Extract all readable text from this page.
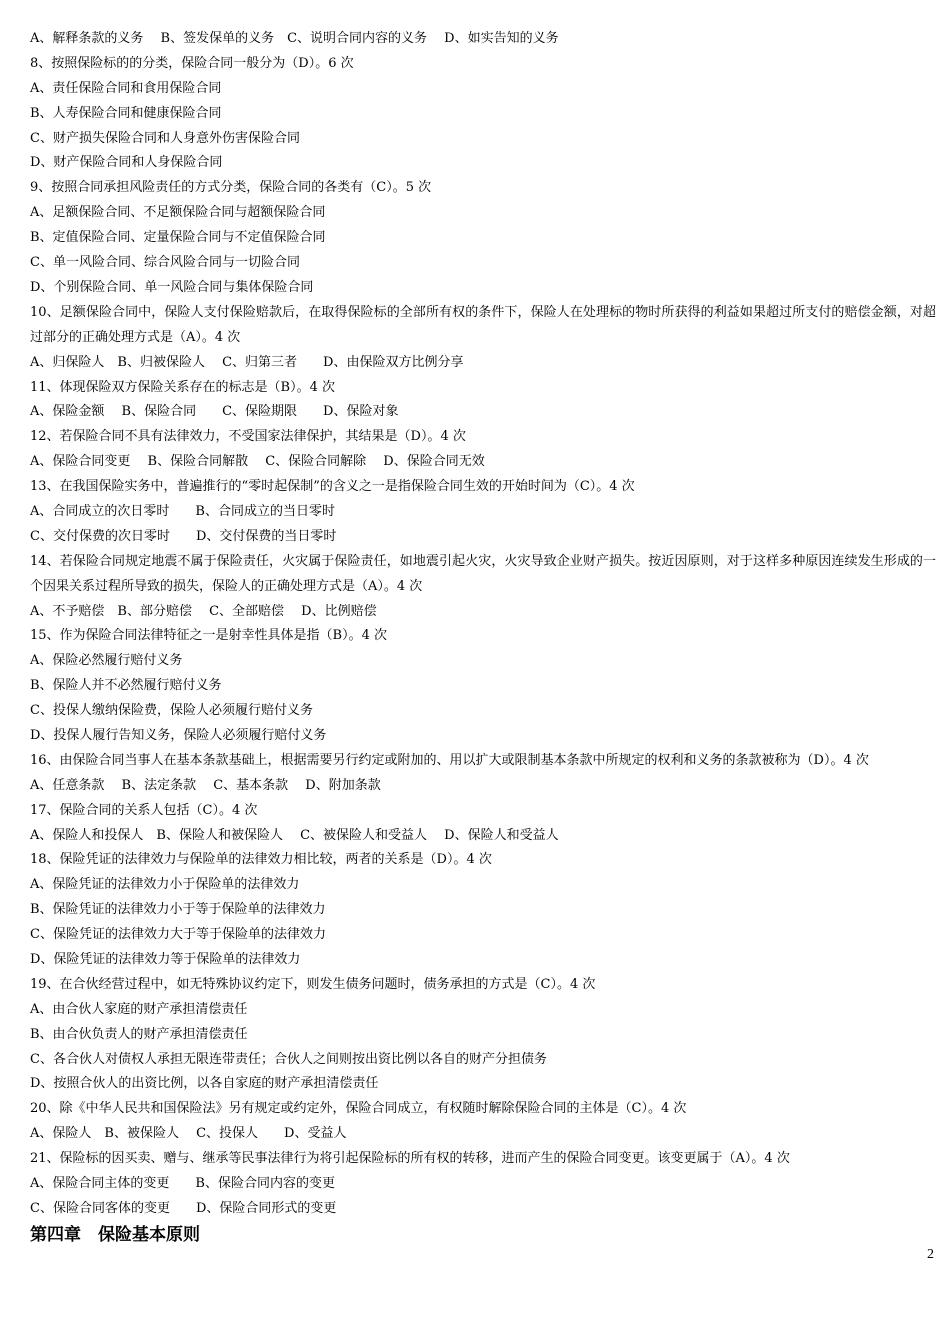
A、解释条款的义务　 B、签发保单的义务　C、说明合同内容的义务　 D、如实告知的义务
8、按照保险标的的分类，保险合同一般分为（D）。6 次
A、责任保险合同和食用保险合同
B、人寿保险合同和健康保险合同
C、财产损失保险合同和人身意外伤害保险合同
D、财产保险合同和人身保险合同
9、按照合同承担风险责任的方式分类，保险合同的各类有（C）。5 次
A、足额保险合同、不足额保险合同与超额保险合同
B、定值保险合同、定量保险合同与不定值保险合同
C、单一风险合同、综合风险合同与一切险合同
D、个别保险合同、单一风险合同与集体保险合同
10、足额保险合同中，保险人支付保险赔款后，在取得保险标的全部所有权的条件下，保险人在处理标的物时所获得的利益如果超过所支付的赔偿金额，对超过部分的正确处理方式是（A）。4 次
A、归保险人　B、归被保险人　 C、归第三者　　D、由保险双方比例分享
11、体现保险双方保险关系存在的标志是（B）。4 次
A、保险金额　 B、保险合同　　C、保险期限　　D、保险对象
12、若保险合同不具有法律效力，不受国家法律保护，其结果是（D）。4 次
A、保险合同变更　 B、保险合同解散　 C、保险合同解除　 D、保险合同无效
13、在我国保险实务中，普遍推行的“零时起保制”的含义之一是指保险合同生效的开始时间为（C）。4 次
A、合同成立的次日零时　　B、合同成立的当日零时
C、交付保费的次日零时　　D、交付保费的当日零时
14、若保险合同规定地震不属于保险责任，火灾属于保险责任，如地震引起火灾，火灾导致企业财产损失。按近因原则，对于这样多种原因连续发生形成的一个因果关系过程所导致的损失，保险人的正确处理方式是（A）。4 次
A、不予赔偿　B、部分赔偿　 C、全部赔偿　 D、比例赔偿
15、作为保险合同法律特征之一是射幸性具体是指（B）。4 次
A、保险必然履行赔付义务
B、保险人并不必然履行赔付义务
C、投保人缴纳保险费，保险人必须履行赔付义务
D、投保人履行告知义务，保险人必须履行赔付义务
16、由保险合同当事人在基本条款基础上，根据需要另行约定或附加的、用以扩大或限制基本条款中所规定的权利和义务的条款被称为（D）。4 次
A、任意条款　 B、法定条款　 C、基本条款　 D、附加条款
17、保险合同的关系人包括（C）。4 次
A、保险人和投保人　B、保险人和被保险人　 C、被保险人和受益人　 D、保险人和受益人
18、保险凭证的法律效力与保险单的法律效力相比较，两者的关系是（D）。4 次
A、保险凭证的法律效力小于保险单的法律效力
B、保险凭证的法律效力小于等于保险单的法律效力
C、保险凭证的法律效力大于等于保险单的法律效力
D、保险凭证的法律效力等于保险单的法律效力
19、在合伙经营过程中，如无特殊协议约定下，则发生债务问题时，债务承担的方式是（C）。4 次
A、由合伙人家庭的财产承担清偿责任
B、由合伙负责人的财产承担清偿责任
C、各合伙人对债权人承担无限连带责任；合伙人之间则按出资比例以各自的财产分担债务
D、按照合伙人的出资比例，以各自家庭的财产承担清偿责任
20、除《中华人民共和国保险法》另有规定或约定外，保险合同成立，有权随时解除保险合同的主体是（C）。4 次
A、保险人　B、被保险人　 C、投保人　　D、受益人
21、保险标的因买卖、赠与、继承等民事法律行为将引起保险标的所有权的转移，进而产生的保险合同变更。该变更属于（A）。4 次
A、保险合同主体的变更　　B、保险合同内容的变更
C、保险合同客体的变更　　D、保险合同形式的变更
第四章　保险基本原则
2
